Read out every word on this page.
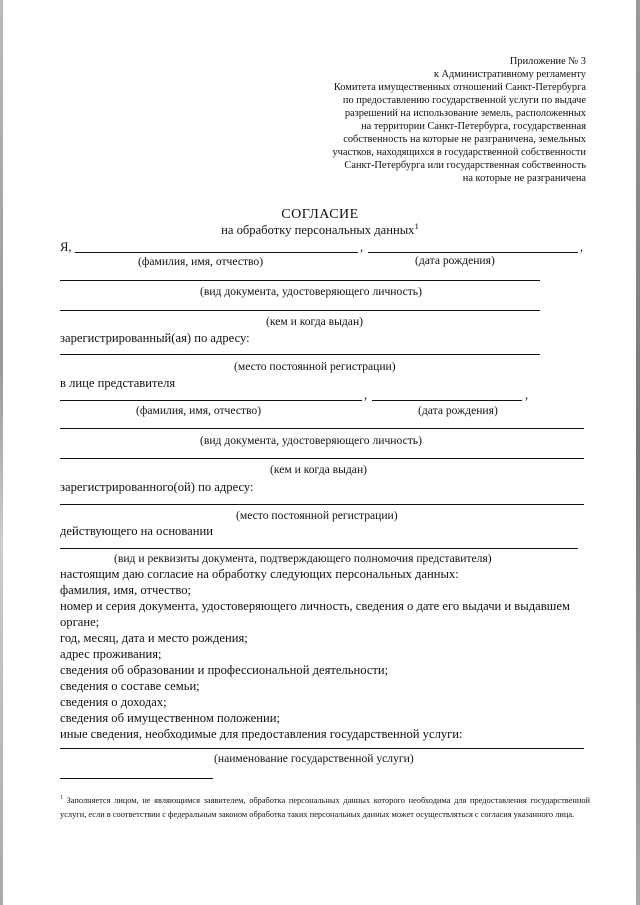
Приложение № 3
к Административному регламенту
Комитета имущественных отношений Санкт-Петербурга
по предоставлению государственной услуги по выдаче
разрешений на использование земель, расположенных
на территории Санкт-Петербурга, государственная
собственность на которые не разграничена, земельных
участков, находящихся в государственной собственности
Санкт-Петербурга или государственная собственность
на которые не разграничена
СОГЛАСИЕ
на обработку персональных данных$^1$
Я,	,	,
(фамилия, имя, отчество)	(дата рождения)
(вид документа, удостоверяющего личность)
(кем и когда выдан)
зарегистрированный(ая) по адресу:
(место постоянной регистрации)
в лице представителя
,	,
(фамилия, имя, отчество)	(дата рождения)
(вид документа, удостоверяющего личность)
(кем и когда выдан)
зарегистрированного(ой) по адресу:
(место постоянной регистрации)
действующего на основании
(вид и реквизиты документа, подтверждающего полномочия представителя)
настоящим даю согласие на обработку следующих персональных данных:
фамилия, имя, отчество;
номер и серия документа, удостоверяющего личность, сведения о дате его выдачи и выдавшем
органе;
год, месяц, дата и место рождения;
адрес проживания;
сведения об образовании и профессиональной деятельности;
сведения о составе семьи;
сведения о доходах;
сведения об имущественном положении;
иные сведения, необходимые для предоставления государственной услуги:
(наименование государственной услуги)
$^1$ Заполняется лицом, не являющимся заявителем, обработка персональных данных которого необходима для предоставления государственной услуги, если в соответствии с федеральным законом обработка таких персональных данных может осуществляться с согласия указанного лица.
